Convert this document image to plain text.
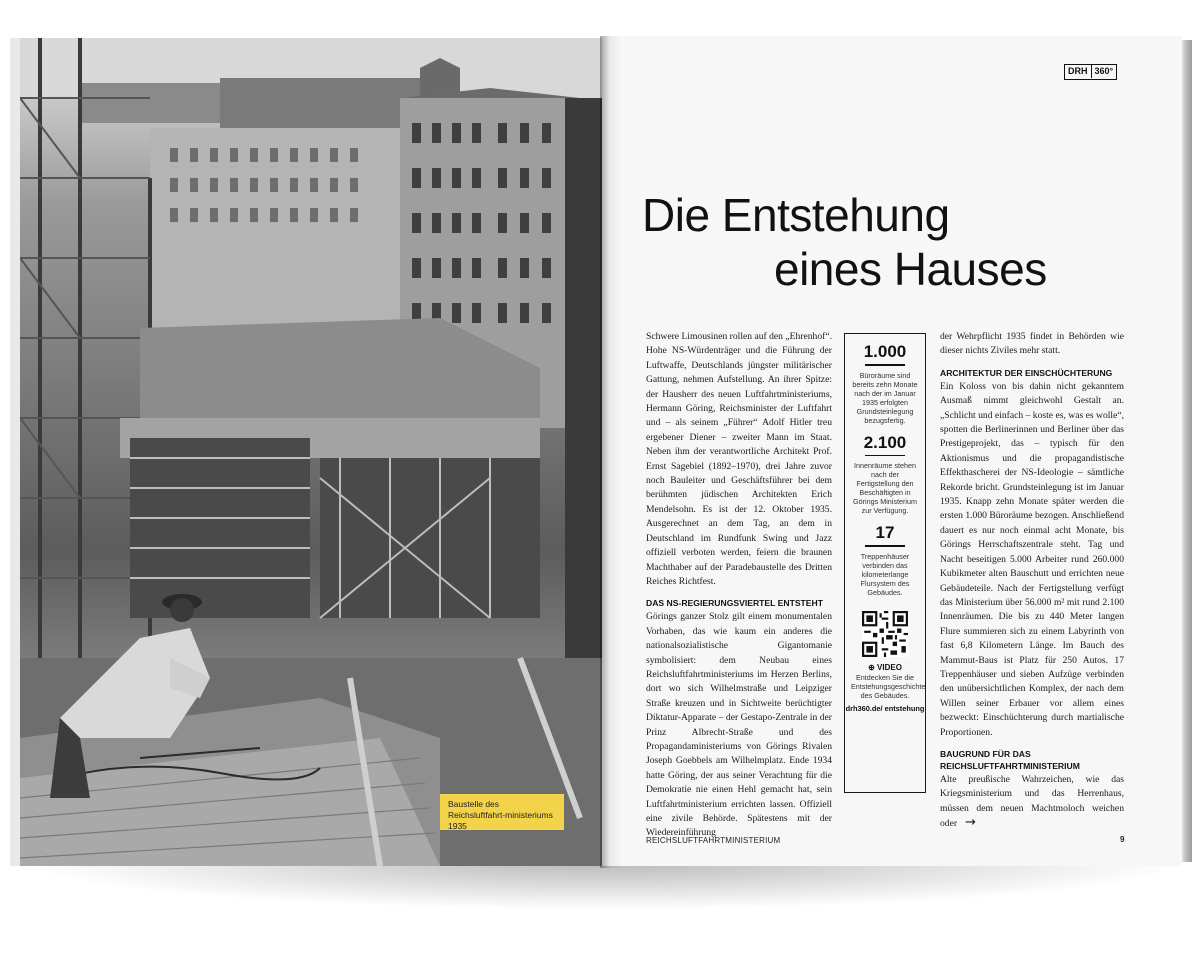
Baustelle des Reichsluftfahrt-ministeriums 1935
DRH 360°
Die Entstehung
eines Hauses

Schwere Limousinen rollen auf den „Ehrenhof“. Hohe NS-Würdenträger und die Führung der Luftwaffe, Deutschlands jüngster militärischer Gattung, nehmen Aufstellung. An ihrer Spitze: der Hausherr des neuen Luftfahrtministeriums, Hermann Göring, Reichsminister der Luftfahrt und – als seinem „Führer“ Adolf Hitler treu ergebener Diener – zweiter Mann im Staat. Neben ihm der verantwortliche Architekt Prof. Ernst Sagebiel (1892–1970), drei Jahre zuvor noch Bauleiter und Geschäftsführer bei dem berühmten jüdischen Architekten Erich Mendelsohn. Es ist der 12. Oktober 1935. Ausgerechnet an dem Tag, an dem in Deutschland im Rundfunk Swing und Jazz offiziell verboten werden, feiern die braunen Machthaber auf der Paradebaustelle des Dritten Reiches Richtfest.

DAS NS-REGIERUNGSVIERTEL ENTSTEHT

Görings ganzer Stolz gilt einem monumentalen Vorhaben, das wie kaum ein anderes die nationalsozialistische Gigantomanie symbolisiert: dem Neubau eines Reichsluftfahrtministeriums im Herzen Berlins, dort wo sich Wilhelmstraße und Leipziger Straße kreuzen und in Sichtweite berüchtigter Diktatur-Apparate – der Gestapo-Zentrale in der Prinz Albrecht-Straße und des Propagandaministeriums von Görings Rivalen Joseph Goebbels am Wilhelmplatz. Ende 1934 hatte Göring, der aus seiner Verachtung für die Demokratie nie einen Hehl gemacht hat, sein Luftfahrtministerium errichten lassen. Offiziell eine zivile Behörde. Spätestens mit der Wiedereinführung

1.000
Büroräume sind bereits zehn Monate nach der im Januar 1935 erfolgten Grundsteinlegung bezugsfertig.
2.100
Innenräume stehen nach der Fertigstellung den Beschäftigten in Görings Ministerium zur Verfügung.
17
Treppenhäuser verbinden das kilometerlange Flursystem des Gebäudes.
⊕ VIDEO
Entdecken Sie die Entstehungsgeschichte des Gebäudes.
drh360.de/ entstehung

der Wehrpflicht 1935 findet in Behörden wie dieser nichts Ziviles mehr statt.

ARCHITEKTUR DER EINSCHÜCHTERUNG

Ein Koloss von bis dahin nicht gekanntem Ausmaß nimmt gleichwohl Gestalt an. „Schlicht und einfach – koste es, was es wolle“, spotten die Berlinerinnen und Berliner über das Prestigeprojekt, das – typisch für den Aktionismus und die propagandistische Effekthascherei der NS-Ideologie – sämtliche Rekorde bricht. Grundsteinlegung ist im Januar 1935. Knapp zehn Monate später werden die ersten 1.000 Büroräume bezogen. Anschließend dauert es nur noch einmal acht Monate, bis Görings Herrschaftszentrale steht. Tag und Nacht beseitigen 5.000 Arbeiter rund 260.000 Kubikmeter alten Bauschutt und errichten neue Gebäudeteile. Nach der Fertigstellung verfügt das Ministerium über 56.000 m² mit rund 2.100 Innenräumen. Die bis zu 440 Meter langen Flure summieren sich zu einem Labyrinth von fast 6,8 Kilometern Länge. Im Bauch des Mammut-Baus ist Platz für 250 Autos. 17 Treppenhäuser und sieben Aufzüge verbinden den unübersichtlichen Komplex, der nach dem Willen seiner Erbauer vor allem eines bezweckt: Einschüchterung durch martialische Proportionen.

BAUGRUND FÜR DAS REICHSLUFTFAHRTMINISTERIUM

Alte preußische Wahrzeichen, wie das Kriegsministerium und das Herrenhaus, müssen dem neuen Machtmoloch weichen oder →

REICHSLUFTFAHRTMINISTERIUM	9
